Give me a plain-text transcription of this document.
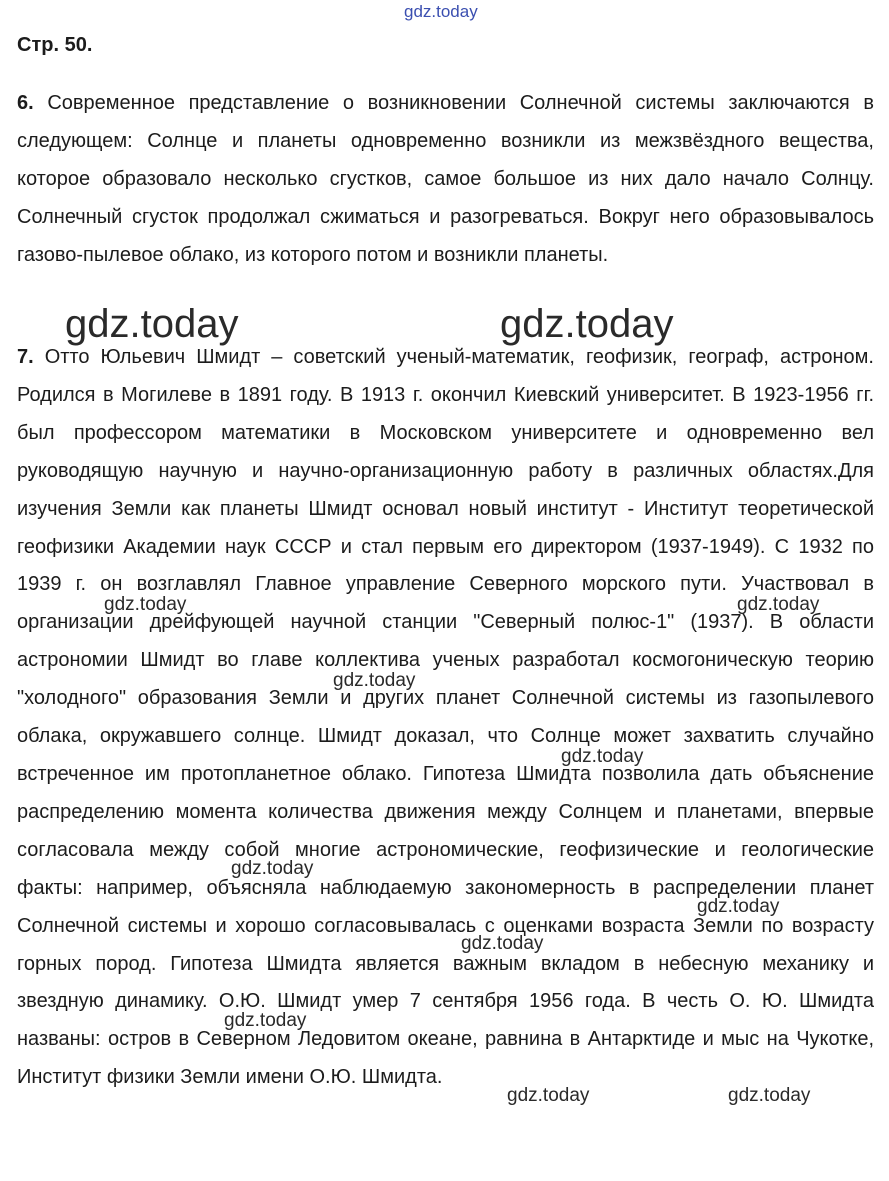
gdz.today
Стр. 50.

6. Современное представление о возникновении Солнечной системы заключаются в следующем: Солнце и планеты одновременно возникли из межзвёздного вещества, которое образовало несколько сгустков, самое большое из них дало начало Солнцу. Солнечный сгусток продолжал сжиматься и разогреваться. Вокруг него образовывалось газово-пылевое облако, из которого потом и возникли планеты.

7. Отто Юльевич Шмидт – советский ученый-математик, геофизик, географ, астроном. Родился в Могилеве в 1891 году. В 1913 г. окончил Киевский университет. В 1923-1956 гг. был профессором математики в Московском университете и одновременно вел руководящую научную и научно-организационную работу в различных областях.Для изучения Земли как планеты Шмидт основал новый институт - Институт теоретической геофизики Академии наук СССР и стал первым его директором (1937-1949). С 1932 по 1939 г. он возглавлял Главное управление Северного морского пути. Участвовал в организации дрейфующей научной станции "Северный полюс-1" (1937). В области астрономии Шмидт во главе коллектива ученых разработал космогоническую теорию "холодного" образования Земли и других планет Солнечной системы из газопылевого облака, окружавшего солнце. Шмидт доказал, что Солнце может захватить случайно встреченное им протопланетное облако. Гипотеза Шмидта позволила дать объяснение распределению момента количества движения между Солнцем и планетами, впервые согласовала между собой многие астрономические, геофизические и геологические факты: например, объясняла наблюдаемую закономерность в распределении планет Солнечной системы и хорошо согласовывалась с оценками возраста Земли по возрасту горных пород. Гипотеза Шмидта является важным вкладом в небесную механику и звездную динамику. О.Ю. Шмидт умер 7 сентября 1956 года. В честь О. Ю. Шмидта названы: остров в Северном Ледовитом океане, равнина в Антарктиде и мыс на Чукотке, Институт физики Земли имени О.Ю. Шмидта.

gdz.today	gdz.today
gdz.today	gdz.today
gdz.today
gdz.today
gdz.today
gdz.today
gdz.today
gdz.today
gdz.today	gdz.today
